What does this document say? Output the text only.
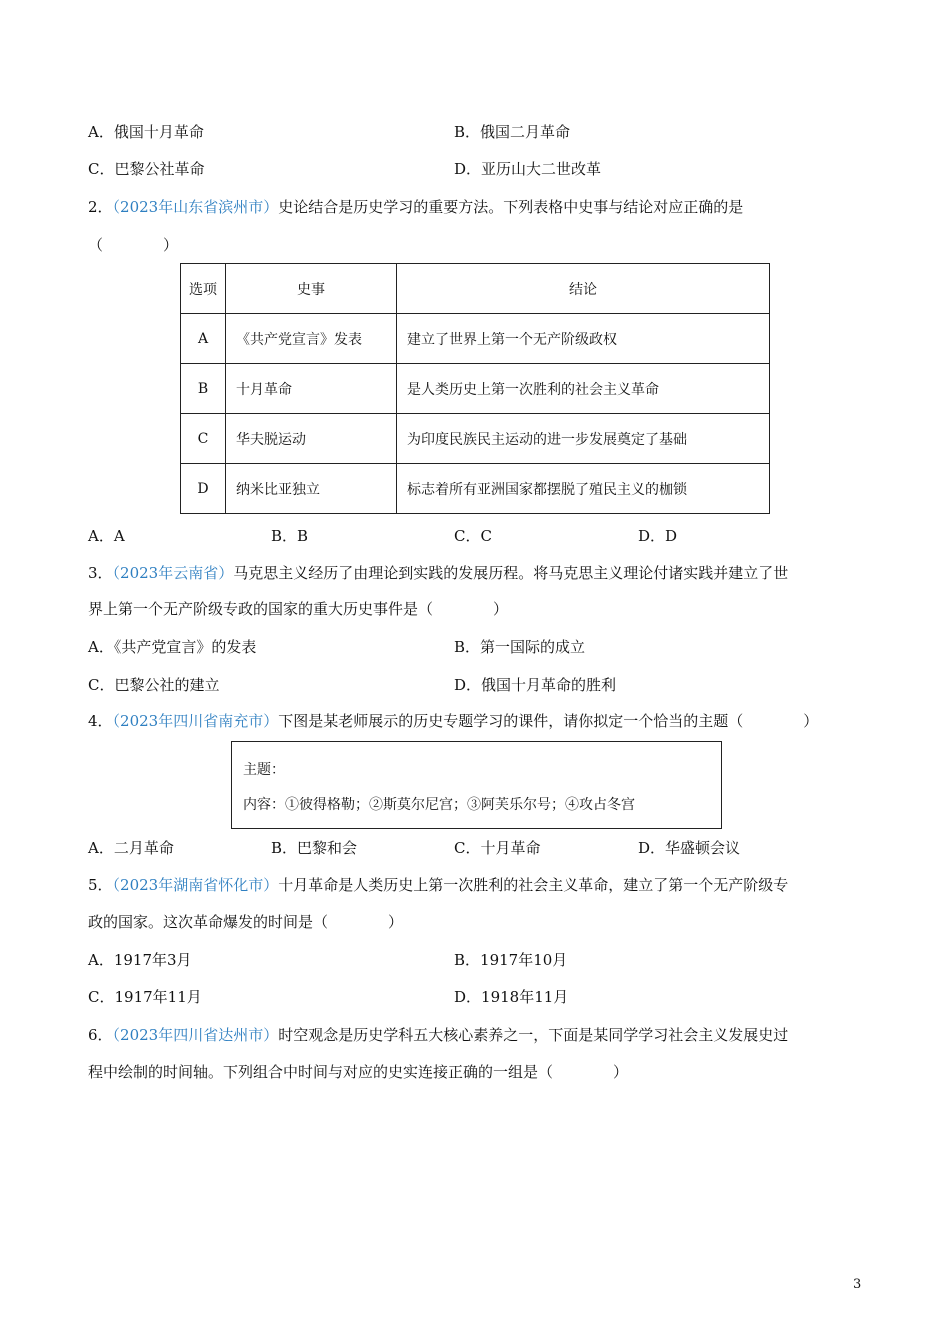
A．俄国十月革命	B．俄国二月革命
C．巴黎公社革命	D．亚历山大二世改革
2．（2023年山东省滨州市）史论结合是历史学习的重要方法。下列表格中史事与结论对应正确的是
（　　　　）
选项	史事	结论
A	《共产党宣言》发表	建立了世界上第一个无产阶级政权
B	十月革命	是人类历史上第一次胜利的社会主义革命
C	华夫脱运动	为印度民族民主运动的进一步发展奠定了基础
D	纳米比亚独立	标志着所有亚洲国家都摆脱了殖民主义的枷锁
A．A	B．B	C．C	D．D
3．（2023年云南省）马克思主义经历了由理论到实践的发展历程。将马克思主义理论付诸实践并建立了世
界上第一个无产阶级专政的国家的重大历史事件是（　　　　）
A．《共产党宣言》的发表	B．第一国际的成立
C．巴黎公社的建立	D．俄国十月革命的胜利
4．（2023年四川省南充市）下图是某老师展示的历史专题学习的课件，请你拟定一个恰当的主题（　　　　）
主题：
内容：①彼得格勒；②斯莫尔尼宫；③阿芙乐尔号；④攻占冬宫
A．二月革命	B．巴黎和会	C．十月革命	D．华盛顿会议
5．（2023年湖南省怀化市）十月革命是人类历史上第一次胜利的社会主义革命，建立了第一个无产阶级专
政的国家。这次革命爆发的时间是（　　　　）
A．1917年3月	B．1917年10月
C．1917年11月	D．1918年11月
6．（2023年四川省达州市）时空观念是历史学科五大核心素养之一，下面是某同学学习社会主义发展史过
程中绘制的时间轴。下列组合中时间与对应的史实连接正确的一组是（　　　　）
3
